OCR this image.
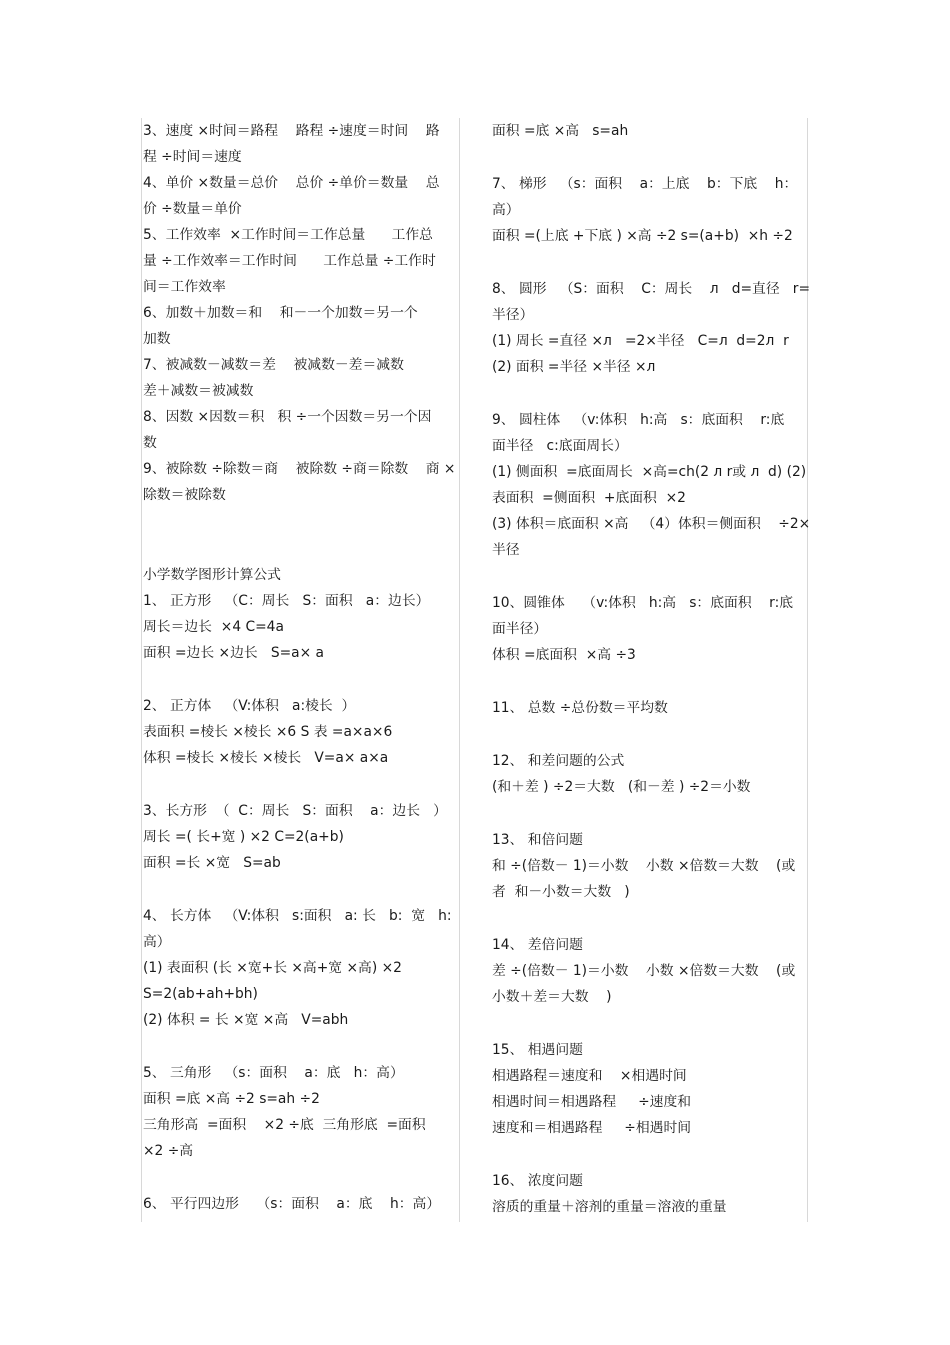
3、速度 ×时间＝路程    路程 ÷速度＝时间    路
程 ÷时间＝速度
4、单价 ×数量＝总价    总价 ÷单价＝数量    总
价 ÷数量＝单价
5、工作效率  ×工作时间＝工作总量      工作总
量 ÷工作效率＝工作时间      工作总量 ÷工作时
间＝工作效率
6、加数＋加数＝和    和－一个加数＝另一个
加数
7、被减数－减数＝差    被减数－差＝减数
差＋减数＝被减数
8、因数 ×因数＝积   积 ÷一个因数＝另一个因
数
9、被除数 ÷除数＝商    被除数 ÷商＝除数    商 ×
除数＝被除数
小学数学图形计算公式
1、 正方形   （C：周长   S：面积   a：边长）
周长＝边长  ×4 C=4a
面积 =边长 ×边长   S=a× a
2、 正方体   （V:体积   a:棱长  ）
表面积 =棱长 ×棱长 ×6 S 表 =a×a×6
体积 =棱长 ×棱长 ×棱长   V=a× a×a
3、长方形  （  C：周长   S：面积    a：边长   ）
周长 =( 长+宽 ) ×2 C=2(a+b)
面积 =长 ×宽   S=ab
4、 长方体   （V:体积   s:面积   a: 长   b:  宽   h:
高）
(1) 表面积 (长 ×宽+长 ×高+宽 ×高) ×2
S=2(ab+ah+bh)
(2) 体积 = 长 ×宽 ×高   V=abh
5、 三角形   （s：面积    a：底   h：高）
面积 =底 ×高 ÷2 s=ah ÷2
三角形高  =面积    ×2 ÷底  三角形底  =面积
×2 ÷高
6、 平行四边形    （s：面积    a：底    h：高）
面积 =底 ×高   s=ah
7、 梯形   （s：面积    a：上底    b：下底    h：
高）
面积 =(上底 +下底 ) ×高 ÷2 s=(a+b)  ×h ÷2
8、 圆形   （S：面积    C：周长    л   d=直径   r=
半径）
(1) 周长 =直径 ×л   =2×半径   C=л  d=2л  r
(2) 面积 =半径 ×半径 ×л
9、 圆柱体   （v:体积   h:高   s：底面积    r:底
面半径   c:底面周长）
(1) 侧面积  =底面周长  ×高=ch(2 л r或 л  d) (2)
表面积  =侧面积  +底面积  ×2
(3) 体积＝底面积 ×高   （4）体积＝侧面积    ÷2×
半径
10、圆锥体    （v:体积   h:高   s：底面积    r:底
面半径）
体积 =底面积  ×高 ÷3
11、 总数 ÷总份数＝平均数
12、 和差问题的公式
(和＋差 ) ÷2＝大数   (和－差 ) ÷2＝小数
13、 和倍问题
和 ÷(倍数－ 1)＝小数    小数 ×倍数＝大数    (或
者  和－小数＝大数   )
14、 差倍问题
差 ÷(倍数－ 1)＝小数    小数 ×倍数＝大数    (或
小数＋差＝大数    )
15、 相遇问题
相遇路程＝速度和    ×相遇时间
相遇时间＝相遇路程     ÷速度和
速度和＝相遇路程     ÷相遇时间
16、 浓度问题
溶质的重量＋溶剂的重量＝溶液的重量
